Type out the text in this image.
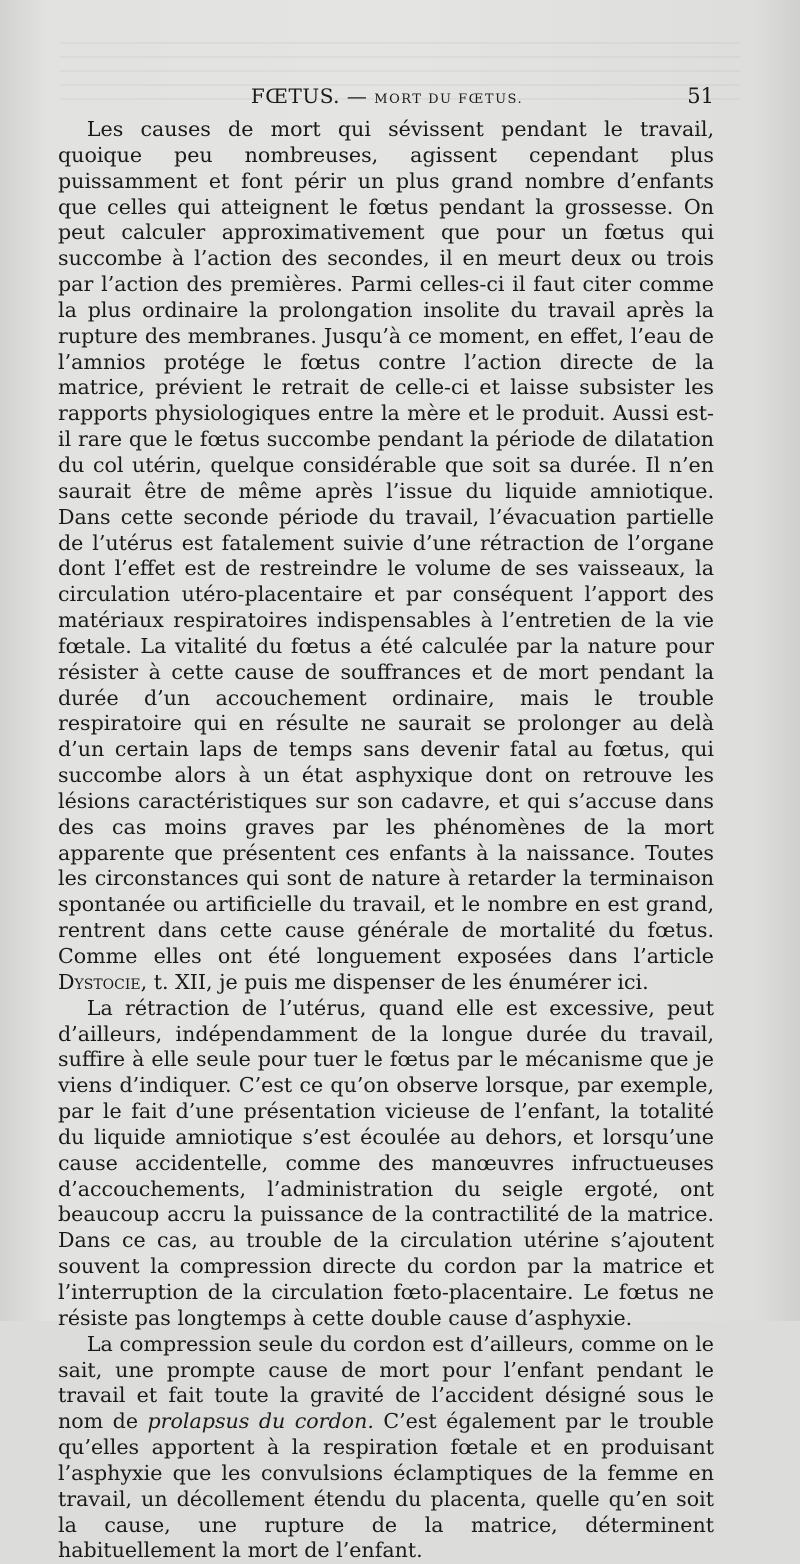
FŒTUS. — MORT DU FŒTUS.	51

Les causes de mort qui sévissent pendant le travail, quoique peu nombreuses, agissent cependant plus puissamment et font périr un plus grand nombre d’enfants que celles qui atteignent le fœtus pendant la grossesse. On peut calculer approximativement que pour un fœtus qui succombe à l’action des secondes, il en meurt deux ou trois par l’action des premières. Parmi celles-ci il faut citer comme la plus ordinaire la prolongation insolite du travail après la rupture des membranes. Jusqu’à ce moment, en effet, l’eau de l’amnios protége le fœtus contre l’action directe de la matrice, prévient le retrait de celle-ci et laisse subsister les rapports physiologiques entre la mère et le produit. Aussi est-il rare que le fœtus succombe pendant la période de dilatation du col utérin, quelque considérable que soit sa durée. Il n’en saurait être de même après l’issue du liquide amniotique. Dans cette seconde période du travail, l’évacuation partielle de l’utérus est fatalement suivie d’une rétraction de l’organe dont l’effet est de restreindre le volume de ses vaisseaux, la circulation utéro-placentaire et par conséquent l’apport des matériaux respiratoires indispensables à l’entretien de la vie fœtale. La vitalité du fœtus a été calculée par la nature pour résister à cette cause de souffrances et de mort pendant la durée d’un accouchement ordinaire, mais le trouble respiratoire qui en résulte ne saurait se prolonger au delà d’un certain laps de temps sans devenir fatal au fœtus, qui succombe alors à un état asphyxique dont on retrouve les lésions caractéristiques sur son cadavre, et qui s’accuse dans des cas moins graves par les phénomènes de la mort apparente que présentent ces enfants à la naissance. Toutes les circonstances qui sont de nature à retarder la terminaison spontanée ou artificielle du travail, et le nombre en est grand, rentrent dans cette cause générale de mortalité du fœtus. Comme elles ont été longuement exposées dans l’article Dystocie, t. XII, je puis me dispenser de les énumérer ici.

La rétraction de l’utérus, quand elle est excessive, peut d’ailleurs, indépendamment de la longue durée du travail, suffire à elle seule pour tuer le fœtus par le mécanisme que je viens d’indiquer. C’est ce qu’on observe lorsque, par exemple, par le fait d’une présentation vicieuse de l’enfant, la totalité du liquide amniotique s’est écoulée au dehors, et lorsqu’une cause accidentelle, comme des manœuvres infructueuses d’accouchements, l’administration du seigle ergoté, ont beaucoup accru la puissance de la contractilité de la matrice. Dans ce cas, au trouble de la circulation utérine s’ajoutent souvent la compression directe du cordon par la matrice et l’interruption de la circulation fœto-placentaire. Le fœtus ne résiste pas longtemps à cette double cause d’asphyxie.

La compression seule du cordon est d’ailleurs, comme on le sait, une prompte cause de mort pour l’enfant pendant le travail et fait toute la gravité de l’accident désigné sous le nom de prolapsus du cordon. C’est également par le trouble qu’elles apportent à la respiration fœtale et en produisant l’asphyxie que les convulsions éclamptiques de la femme en travail, un décollement étendu du placenta, quelle qu’en soit la cause, une rupture de la matrice, déterminent habituellement la mort de l’enfant.
